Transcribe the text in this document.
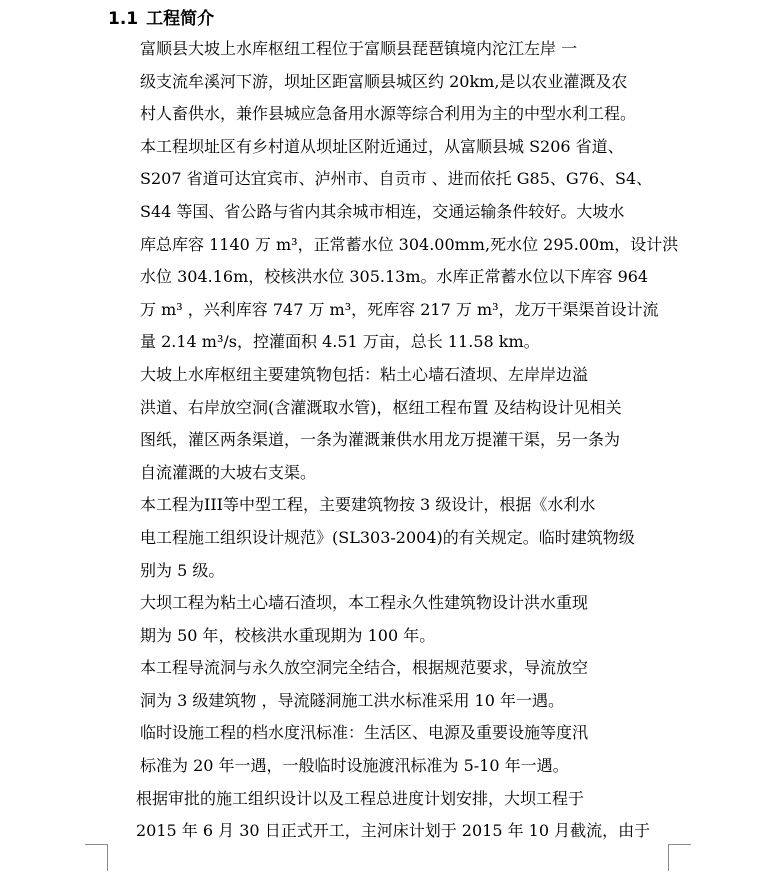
1.1 工程简介

富顺县大坡上水库枢纽工程位于富顺县琵琶镇境内沱江左岸 一
级支流牟溪河下游，坝址区距富顺县城区约 20km,是以农业灌溉及农
村人畜供水，兼作县城应急备用水源等综合利用为主的中型水利工程。
本工程坝址区有乡村道从坝址区附近通过，从富顺县城 S206 省道、
S207 省道可达宜宾市、泸州市、自贡市 、进而依托 G85、G76、S4、
S44 等国、省公路与省内其余城市相连，交通运输条件较好。大坡水
库总库容 1140 万 m³，正常蓄水位 304.00mm,死水位 295.00m，设计洪
水位 304.16m，校核洪水位 305.13m。水库正常蓄水位以下库容 964
万 m³ ，兴利库容 747 万 m³，死库容 217 万 m³，龙万干渠渠首设计流
量 2.14 m³/s，控灌面积 4.51 万亩，总长 11.58 km。

大坡上水库枢纽主要建筑物包括：粘土心墙石渣坝、左岸岸边溢
洪道、右岸放空洞(含灌溉取水管)，枢纽工程布置 及结构设计见相关
图纸，灌区两条渠道，一条为灌溉兼供水用龙万提灌干渠，另一条为
自流灌溉的大坡右支渠。

本工程为III等中型工程，主要建筑物按 3 级设计，根据《水利水
电工程施工组织设计规范》(SL303-2004)的有关规定。临时建筑物级
别为 5 级。

大坝工程为粘土心墙石渣坝，本工程永久性建筑物设计洪水重现
期为 50 年，校核洪水重现期为 100 年。

本工程导流洞与永久放空洞完全结合，根据规范要求，导流放空
洞为 3 级建筑物 ，导流隧洞施工洪水标准采用 10 年一遇。

临时设施工程的档水度汛标准：生活区、电源及重要设施等度汛
标准为 20 年一遇，一般临时设施渡汛标准为 5-10 年一遇。

根据审批的施工组织设计以及工程总进度计划安排，大坝工程于
2015 年 6 月 30 日正式开工，主河床计划于 2015 年 10 月截流，由于
